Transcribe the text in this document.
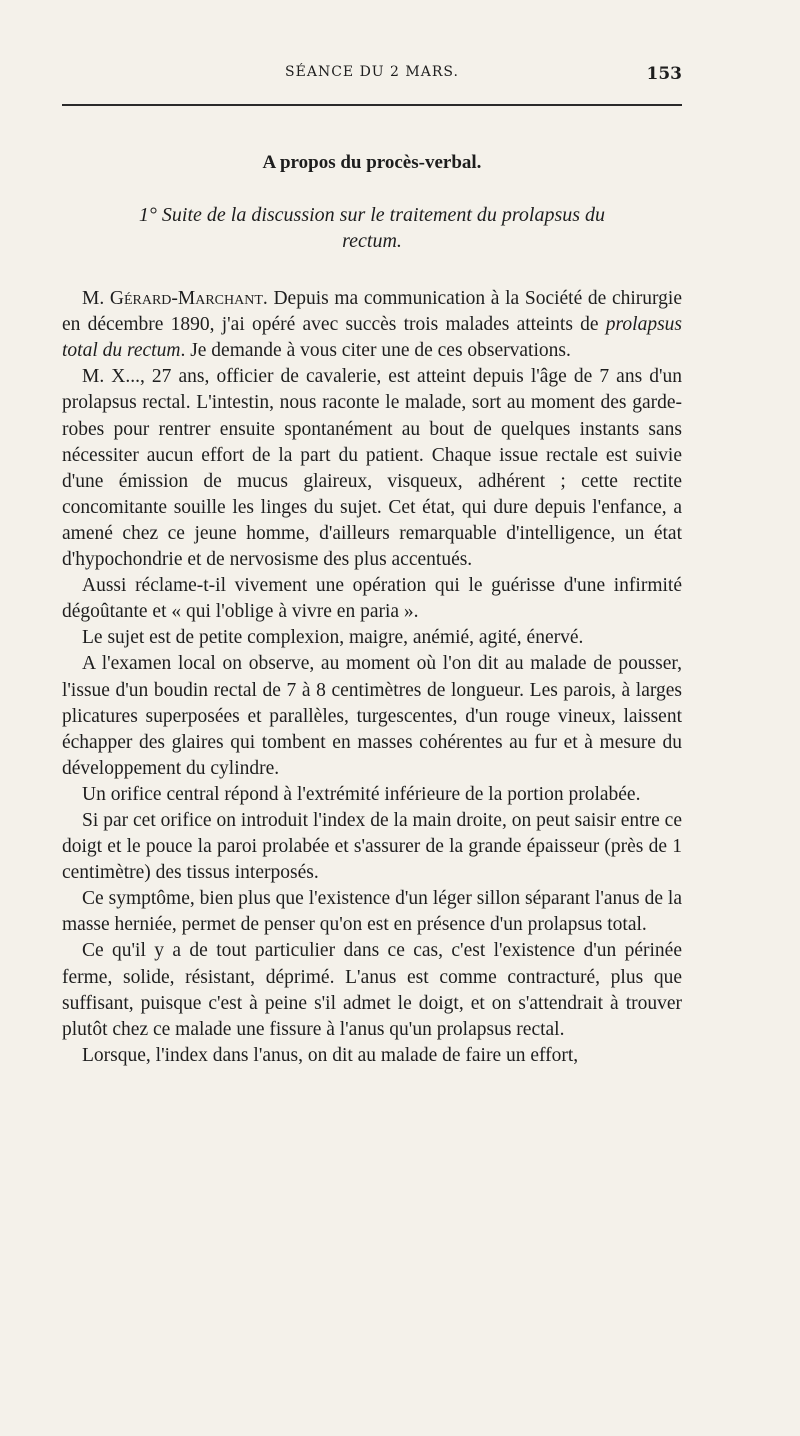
SÉANCE DU 2 MARS.	153
A propos du procès-verbal.
1° Suite de la discussion sur le traitement du prolapsus du rectum.

M. Gérard-Marchant. Depuis ma communication à la Société de chirurgie en décembre 1890, j'ai opéré avec succès trois malades atteints de prolapsus total du rectum. Je demande à vous citer une de ces observations.

M. X..., 27 ans, officier de cavalerie, est atteint depuis l'âge de 7 ans d'un prolapsus rectal. L'intestin, nous raconte le malade, sort au moment des garde-robes pour rentrer ensuite spontanément au bout de quelques instants sans nécessiter aucun effort de la part du patient. Chaque issue rectale est suivie d'une émission de mucus glaireux, visqueux, adhérent ; cette rectite concomitante souille les linges du sujet. Cet état, qui dure depuis l'enfance, a amené chez ce jeune homme, d'ailleurs remarquable d'intelligence, un état d'hypochondrie et de nervosisme des plus accentués.

Aussi réclame-t-il vivement une opération qui le guérisse d'une infirmité dégoûtante et « qui l'oblige à vivre en paria ».

Le sujet est de petite complexion, maigre, anémié, agité, énervé.

A l'examen local on observe, au moment où l'on dit au malade de pousser, l'issue d'un boudin rectal de 7 à 8 centimètres de longueur. Les parois, à larges plicatures superposées et parallèles, turgescentes, d'un rouge vineux, laissent échapper des glaires qui tombent en masses cohérentes au fur et à mesure du développement du cylindre.

Un orifice central répond à l'extrémité inférieure de la portion prolabée.

Si par cet orifice on introduit l'index de la main droite, on peut saisir entre ce doigt et le pouce la paroi prolabée et s'assurer de la grande épaisseur (près de 1 centimètre) des tissus interposés.

Ce symptôme, bien plus que l'existence d'un léger sillon séparant l'anus de la masse herniée, permet de penser qu'on est en présence d'un prolapsus total.

Ce qu'il y a de tout particulier dans ce cas, c'est l'existence d'un périnée ferme, solide, résistant, déprimé. L'anus est comme contracturé, plus que suffisant, puisque c'est à peine s'il admet le doigt, et on s'attendrait à trouver plutôt chez ce malade une fissure à l'anus qu'un prolapsus rectal.

Lorsque, l'index dans l'anus, on dit au malade de faire un effort,
